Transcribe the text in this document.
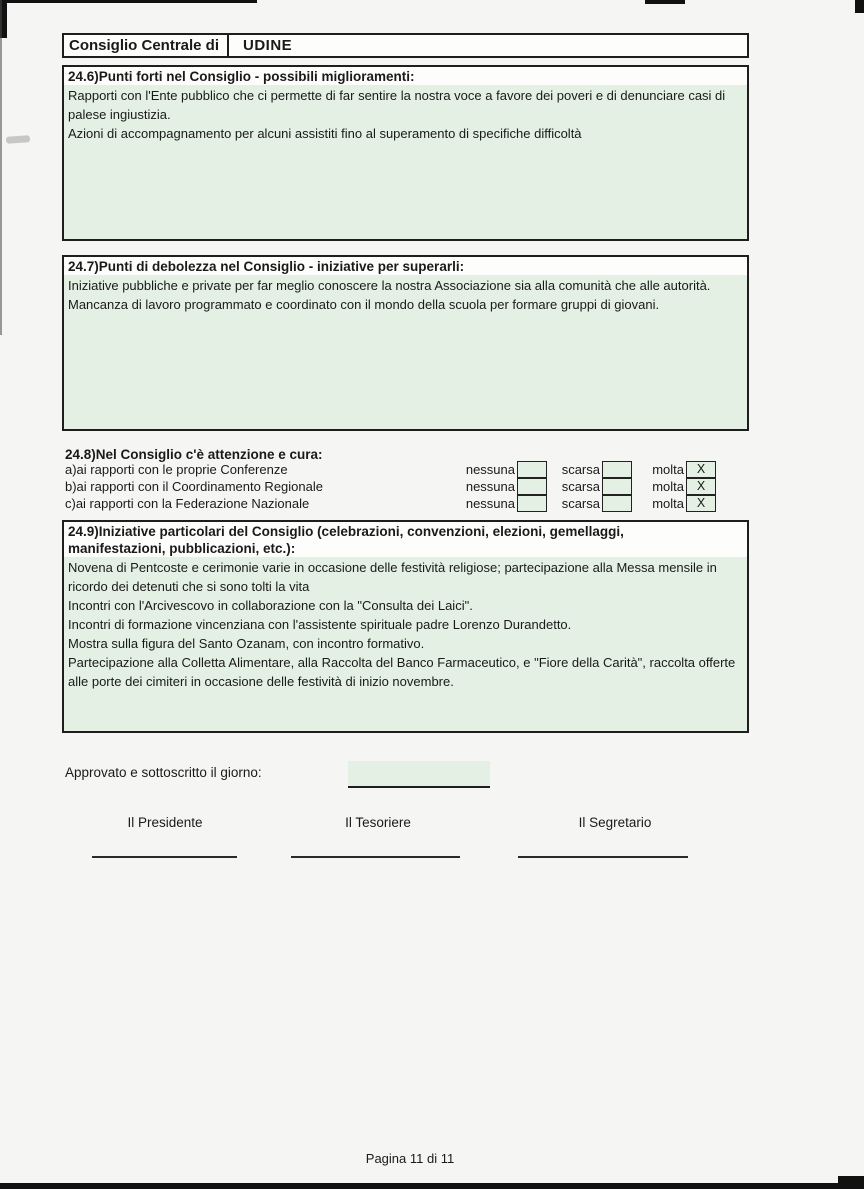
Consiglio Centrale di	UDINE
24.6)Punti forti nel Consiglio - possibili miglioramenti:

Rapporti con l'Ente pubblico che ci permette di far sentire la nostra voce a favore dei poveri e di denunciare casi di palese ingiustizia.

Azioni di accompagnamento per alcuni assistiti fino al superamento di specifiche difficoltà

24.7)Punti di debolezza nel Consiglio - iniziative per superarli:

Iniziative pubbliche e private per far meglio conoscere la nostra Associazione sia alla comunità che alle autorità.

Mancanza di lavoro programmato e coordinato con il mondo della scuola per formare gruppi di giovani.

24.8)Nel Consiglio c'è attenzione e cura:
a)ai rapporti con le proprie Conferenze	nessuna	scarsa	molta	X
b)ai rapporti con il Coordinamento Regionale	nessuna	scarsa	molta	X
c)ai rapporti con la Federazione Nazionale	nessuna	scarsa	molta	X
24.9)Iniziative particolari del Consiglio (celebrazioni, convenzioni, elezioni, gemellaggi,
manifestazioni, pubblicazioni, etc.):

Novena di Pentcoste e cerimonie varie in occasione delle festività religiose; partecipazione alla Messa mensile in ricordo dei detenuti che si sono tolti la vita

Incontri con l'Arcivescovo in collaborazione con la "Consulta dei Laici".

Incontri di formazione vincenziana con l'assistente spirituale padre Lorenzo Durandetto.

Mostra sulla figura del Santo Ozanam, con incontro formativo.

Partecipazione alla Colletta Alimentare, alla Raccolta del Banco Farmaceutico, e "Fiore della Carità", raccolta offerte alle porte dei cimiteri in occasione delle festività di inizio novembre.

Approvato e sottoscritto il giorno:
Il Presidente	Il Tesoriere	Il Segretario
Pagina 11 di 11
